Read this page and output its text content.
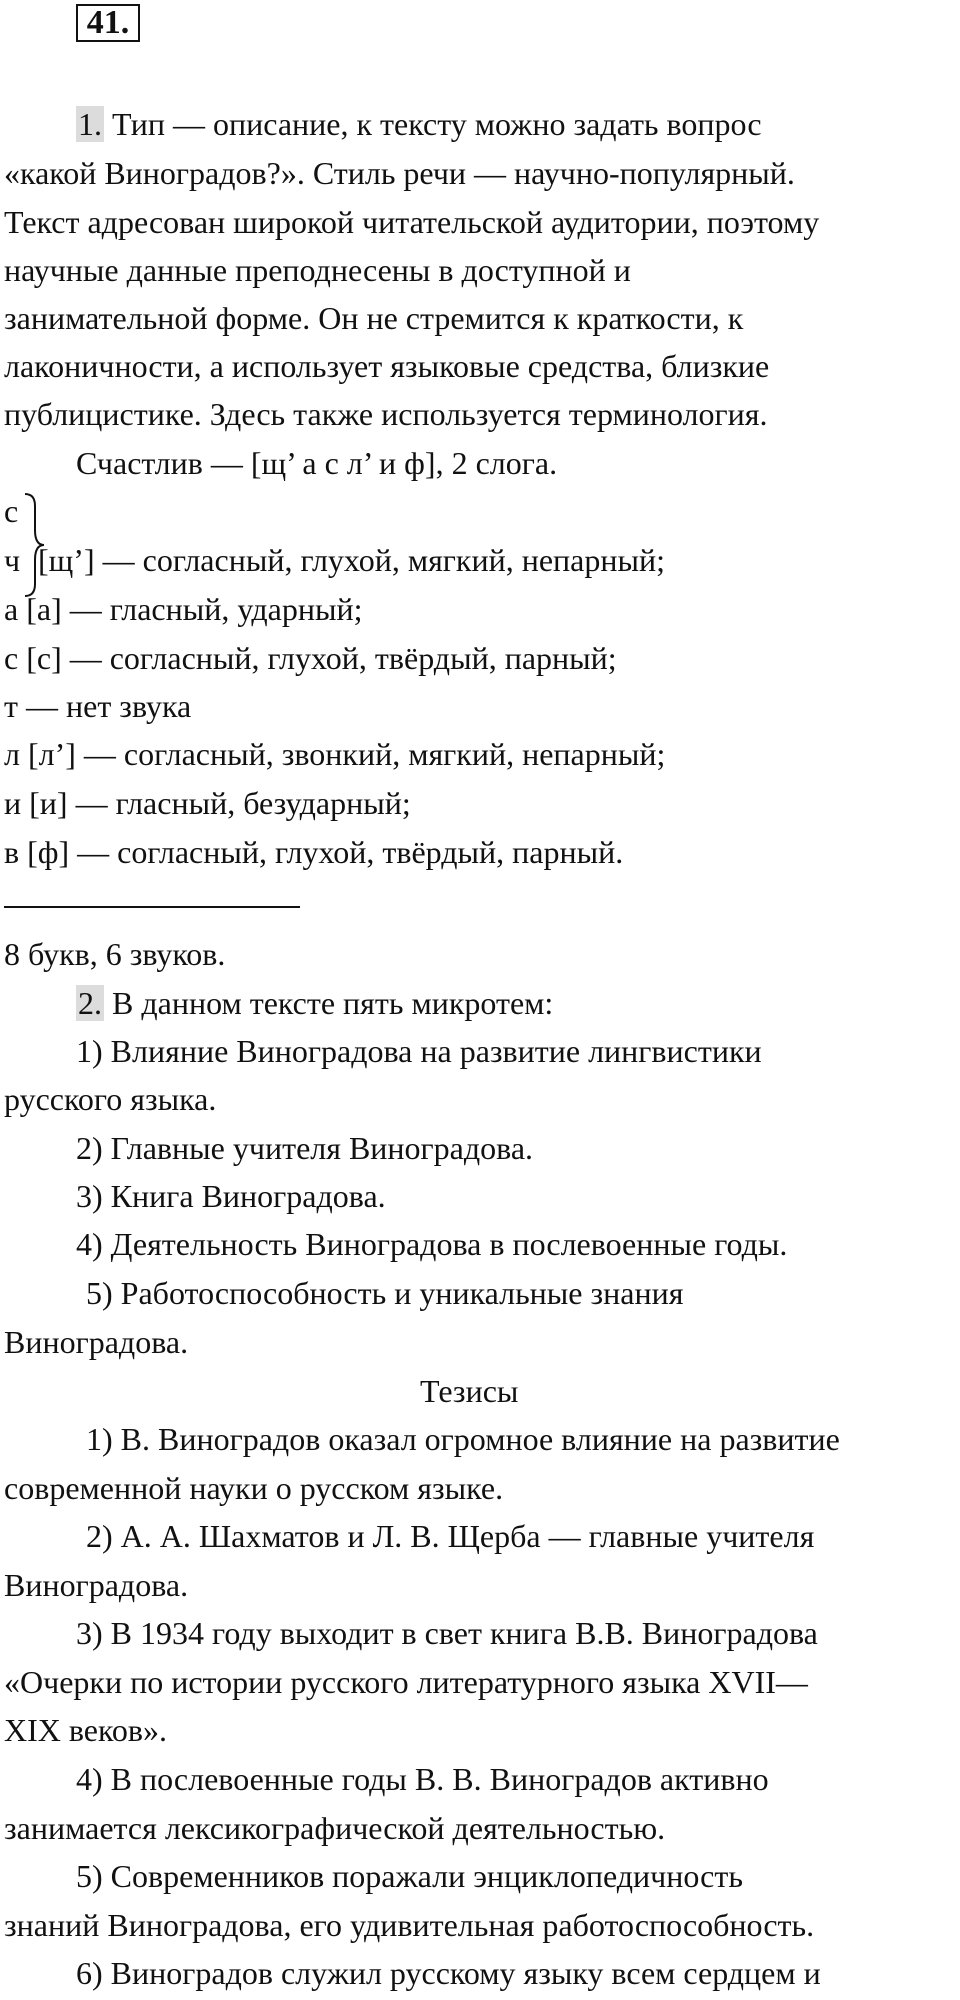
41.
1. Тип — описание, к тексту можно задать вопрос
«какой Виноградов?». Стиль речи — научно-популярный.
Текст адресован широкой читательской аудитории, поэтому
научные данные преподнесены в доступной и
занимательной форме. Он не стремится к краткости, к
лаконичности, а использует языковые средства, близкие
публицистике. Здесь также используется терминология.
Счастлив — [щ’ а с л’ и ф], 2 слога.
с
ч [щ’] — согласный, глухой, мягкий, непарный;
а [а] — гласный, ударный;
с [с] — согласный, глухой, твёрдый, парный;
т — нет звука
л [л’] — согласный, звонкий, мягкий, непарный;
и [и] — гласный, безударный;
в [ф] — согласный, глухой, твёрдый, парный.
8 букв, 6 звуков.
2. В данном тексте пять микротем:
1) Влияние Виноградова на развитие лингвистики
русского языка.
2) Главные учителя Виноградова.
3) Книга Виноградова.
4) Деятельность Виноградова в послевоенные годы.
5) Работоспособность и уникальные знания
Виноградова.
Тезисы
1) В. Виноградов оказал огромное влияние на развитие
современной науки о русском языке.
2) А. А. Шахматов и Л. В. Щерба — главные учителя
Виноградова.
3) В 1934 году выходит в свет книга В.В. Виноградова
«Очерки по истории русского литературного языка XVII—
XIX веков».
4) В послевоенные годы В. В. Виноградов активно
занимается лексикографической деятельностью.
5) Современников поражали энциклопедичность
знаний Виноградова, его удивительная работоспособность.
6) Виноградов служил русскому языку всем сердцем и
